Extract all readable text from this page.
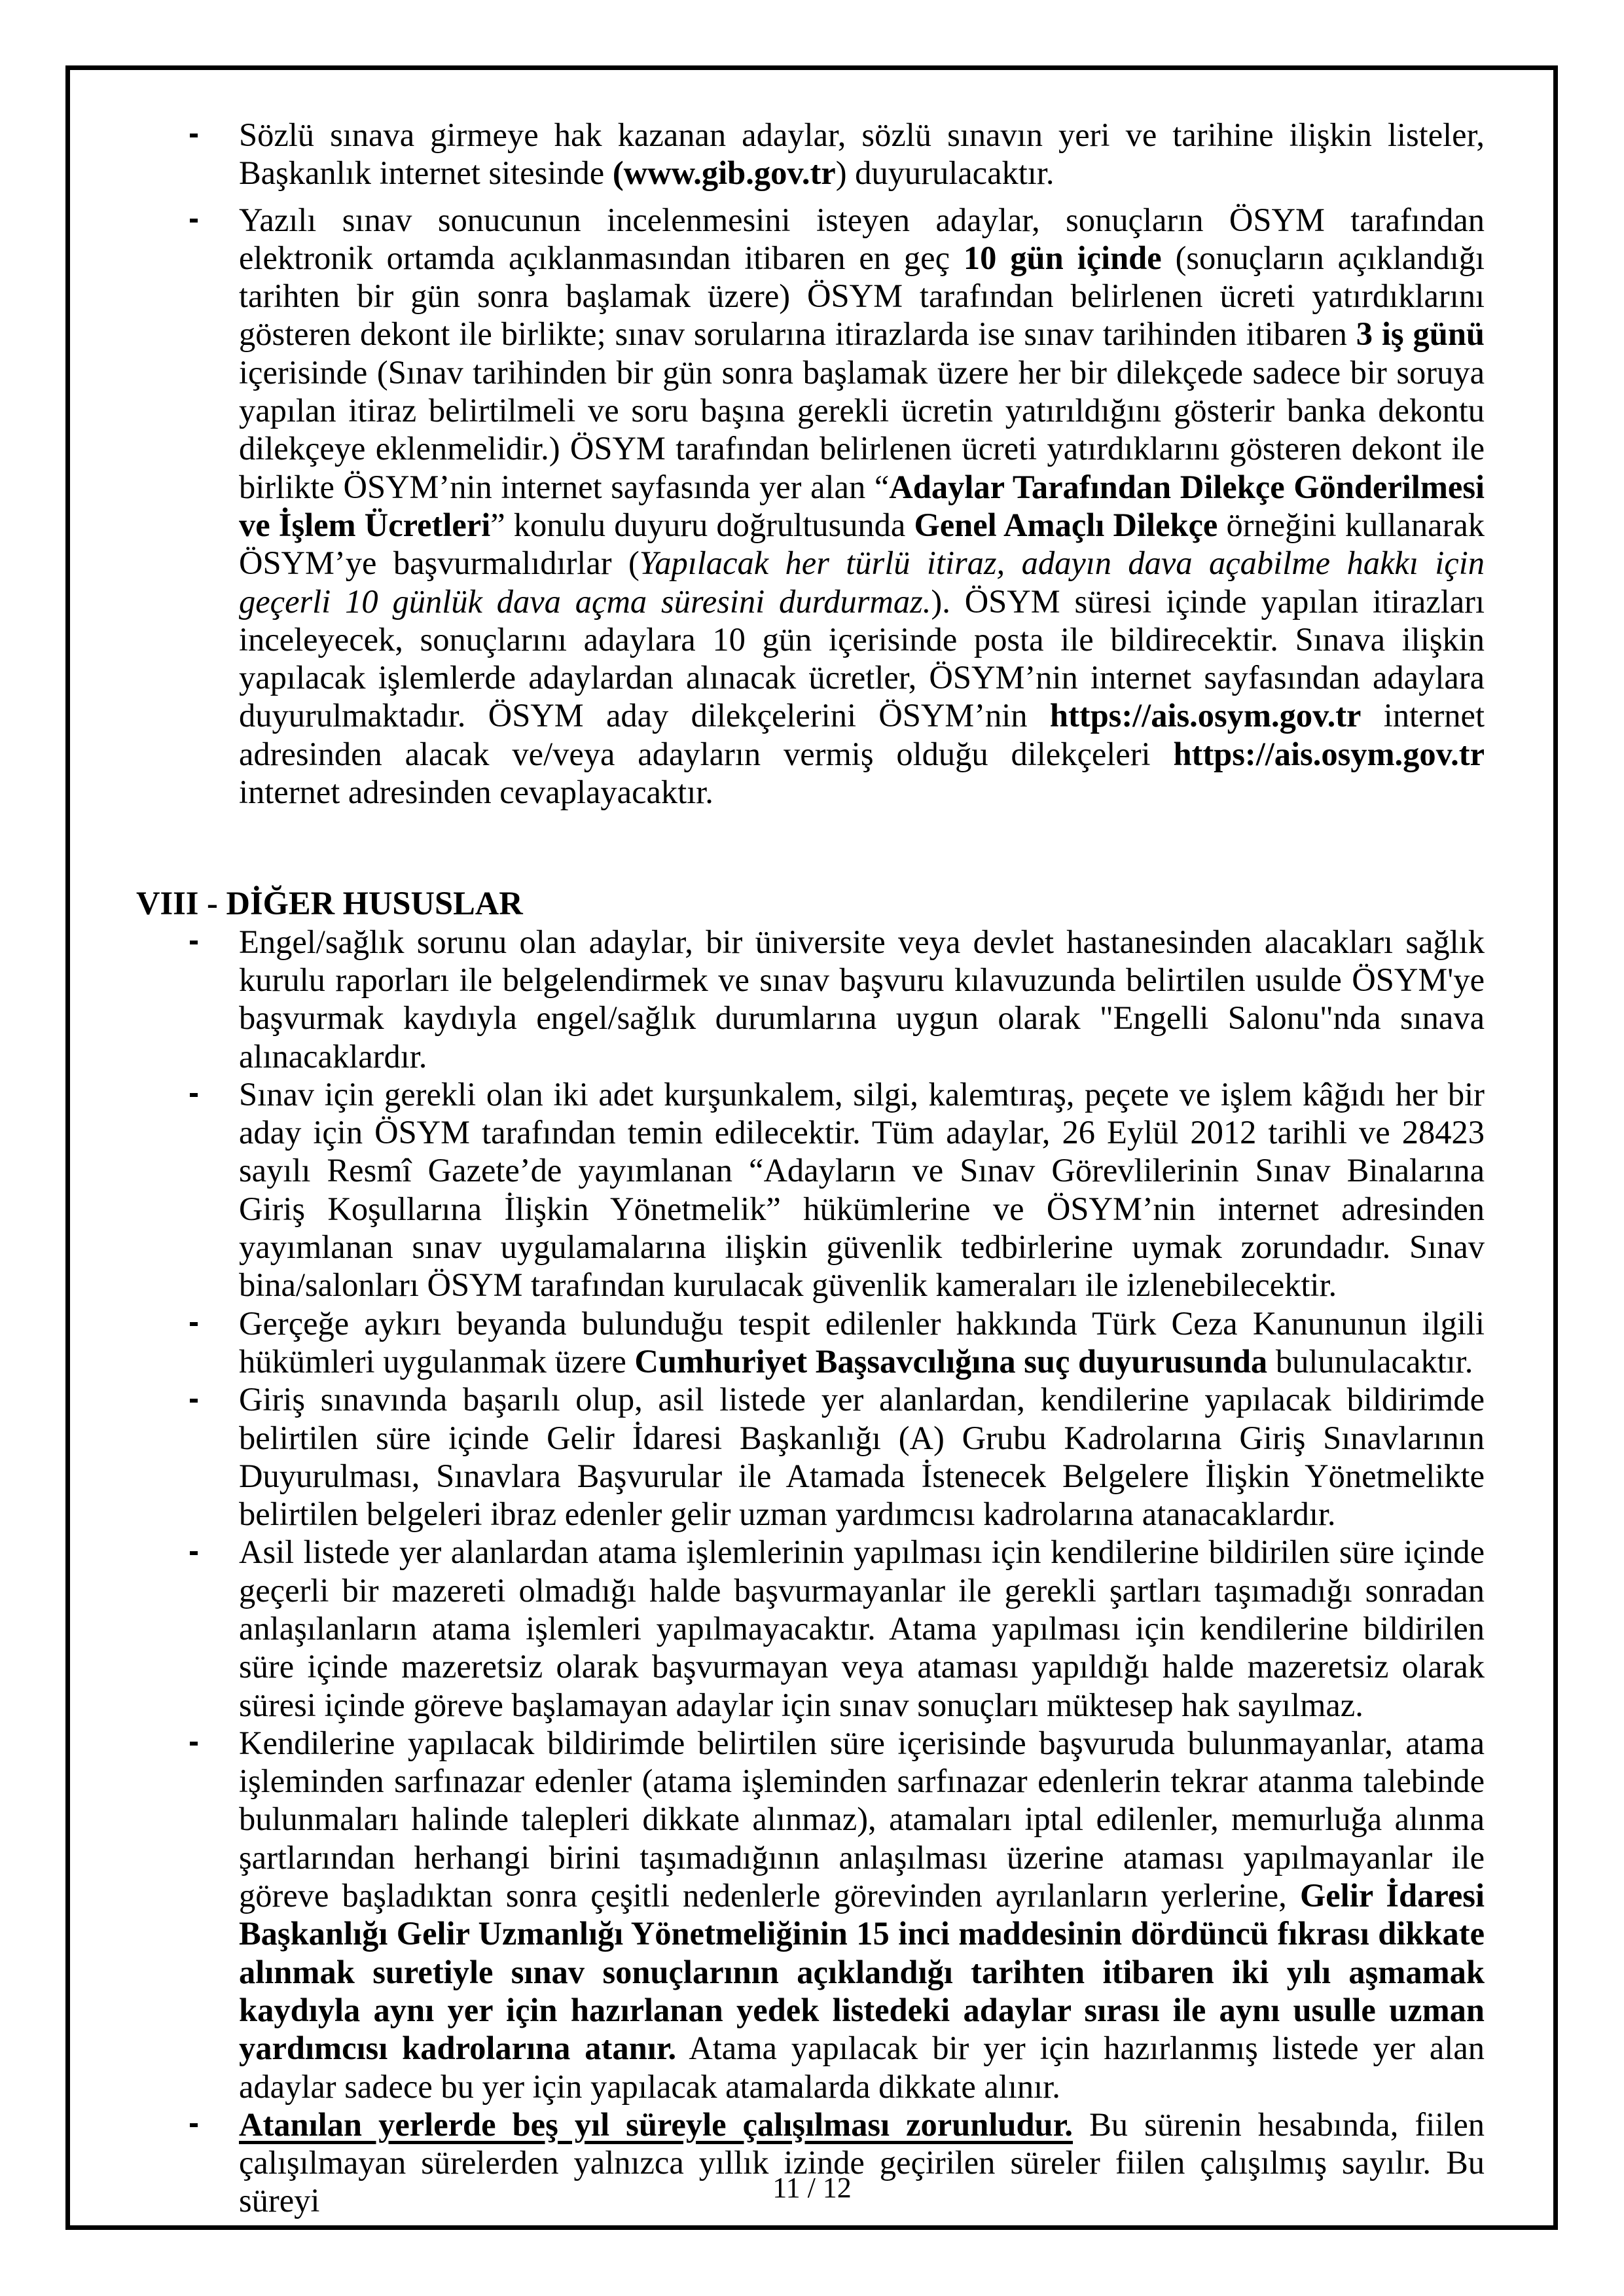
Sözlü sınava girmeye hak kazanan adaylar, sözlü sınavın yeri ve tarihine ilişkin listeler, Başkanlık internet sitesinde (www.gib.gov.tr) duyurulacaktır.
Yazılı sınav sonucunun incelenmesini isteyen adaylar, sonuçların ÖSYM tarafından elektronik ortamda açıklanmasından itibaren en geç 10 gün içinde (sonuçların açıklandığı tarihten bir gün sonra başlamak üzere) ÖSYM tarafından belirlenen ücreti yatırdıklarını gösteren dekont ile birlikte; sınav sorularına itirazlarda ise sınav tarihinden itibaren 3 iş günü içerisinde (Sınav tarihinden bir gün sonra başlamak üzere her bir dilekçede sadece bir soruya yapılan itiraz belirtilmeli ve soru başına gerekli ücretin yatırıldığını gösterir banka dekontu dilekçeye eklenmelidir.) ÖSYM tarafından belirlenen ücreti yatırdıklarını gösteren dekont ile birlikte ÖSYM’nin internet sayfasında yer alan “Adaylar Tarafından Dilekçe Gönderilmesi ve İşlem Ücretleri” konulu duyuru doğrultusunda Genel Amaçlı Dilekçe örneğini kullanarak ÖSYM’ye başvurmalıdırlar (Yapılacak her türlü itiraz, adayın dava açabilme hakkı için geçerli 10 günlük dava açma süresini durdurmaz.). ÖSYM süresi içinde yapılan itirazları inceleyecek, sonuçlarını adaylara 10 gün içerisinde posta ile bildirecektir. Sınava ilişkin yapılacak işlemlerde adaylardan alınacak ücretler, ÖSYM’nin internet sayfasından adaylara duyurulmaktadır. ÖSYM aday dilekçelerini ÖSYM’nin https://ais.osym.gov.tr internet adresinden alacak ve/veya adayların vermiş olduğu dilekçeleri https://ais.osym.gov.tr internet adresinden cevaplayacaktır.
VIII - DİĞER HUSUSLAR
Engel/sağlık sorunu olan adaylar, bir üniversite veya devlet hastanesinden alacakları sağlık kurulu raporları ile belgelendirmek ve sınav başvuru kılavuzunda belirtilen usulde ÖSYM'ye başvurmak kaydıyla engel/sağlık durumlarına uygun olarak "Engelli Salonu"nda sınava alınacaklardır.
Sınav için gerekli olan iki adet kurşunkalem, silgi, kalemtıraş, peçete ve işlem kâğıdı her bir aday için ÖSYM tarafından temin edilecektir. Tüm adaylar, 26 Eylül 2012 tarihli ve 28423 sayılı Resmî Gazete’de yayımlanan “Adayların ve Sınav Görevlilerinin Sınav Binalarına Giriş Koşullarına İlişkin Yönetmelik” hükümlerine ve ÖSYM’nin internet adresinden yayımlanan sınav uygulamalarına ilişkin güvenlik tedbirlerine uymak zorundadır. Sınav bina/salonları ÖSYM tarafından kurulacak güvenlik kameraları ile izlenebilecektir.
Gerçeğe aykırı beyanda bulunduğu tespit edilenler hakkında Türk Ceza Kanununun ilgili hükümleri uygulanmak üzere Cumhuriyet Başsavcılığına suç duyurusunda bulunulacaktır.
Giriş sınavında başarılı olup, asil listede yer alanlardan, kendilerine yapılacak bildirimde belirtilen süre içinde Gelir İdaresi Başkanlığı (A) Grubu Kadrolarına Giriş Sınavlarının Duyurulması, Sınavlara Başvurular ile Atamada İstenecek Belgelere İlişkin Yönetmelikte belirtilen belgeleri ibraz edenler gelir uzman yardımcısı kadrolarına atanacaklardır.
Asil listede yer alanlardan atama işlemlerinin yapılması için kendilerine bildirilen süre içinde geçerli bir mazereti olmadığı halde başvurmayanlar ile gerekli şartları taşımadığı sonradan anlaşılanların atama işlemleri yapılmayacaktır. Atama yapılması için kendilerine bildirilen süre içinde mazeretsiz olarak başvurmayan veya ataması yapıldığı halde mazeretsiz olarak süresi içinde göreve başlamayan adaylar için sınav sonuçları müktesep hak sayılmaz.
Kendilerine yapılacak bildirimde belirtilen süre içerisinde başvuruda bulunmayanlar, atama işleminden sarfınazar edenler (atama işleminden sarfınazar edenlerin tekrar atanma talebinde bulunmaları halinde talepleri dikkate alınmaz), atamaları iptal edilenler, memurluğa alınma şartlarından herhangi birini taşımadığının anlaşılması üzerine ataması yapılmayanlar ile göreve başladıktan sonra çeşitli nedenlerle görevinden ayrılanların yerlerine, Gelir İdaresi Başkanlığı Gelir Uzmanlığı Yönetmeliğinin 15 inci maddesinin dördüncü fıkrası dikkate alınmak suretiyle sınav sonuçlarının açıklandığı tarihten itibaren iki yılı aşmamak kaydıyla aynı yer için hazırlanan yedek listedeki adaylar sırası ile aynı usulle uzman yardımcısı kadrolarına atanır. Atama yapılacak bir yer için hazırlanmış listede yer alan adaylar sadece bu yer için yapılacak atamalarda dikkate alınır.
Atanılan yerlerde beş yıl süreyle çalışılması zorunludur. Bu sürenin hesabında, fiilen çalışılmayan sürelerden yalnızca yıllık izinde geçirilen süreler fiilen çalışılmış sayılır. Bu süreyi	11 / 12
